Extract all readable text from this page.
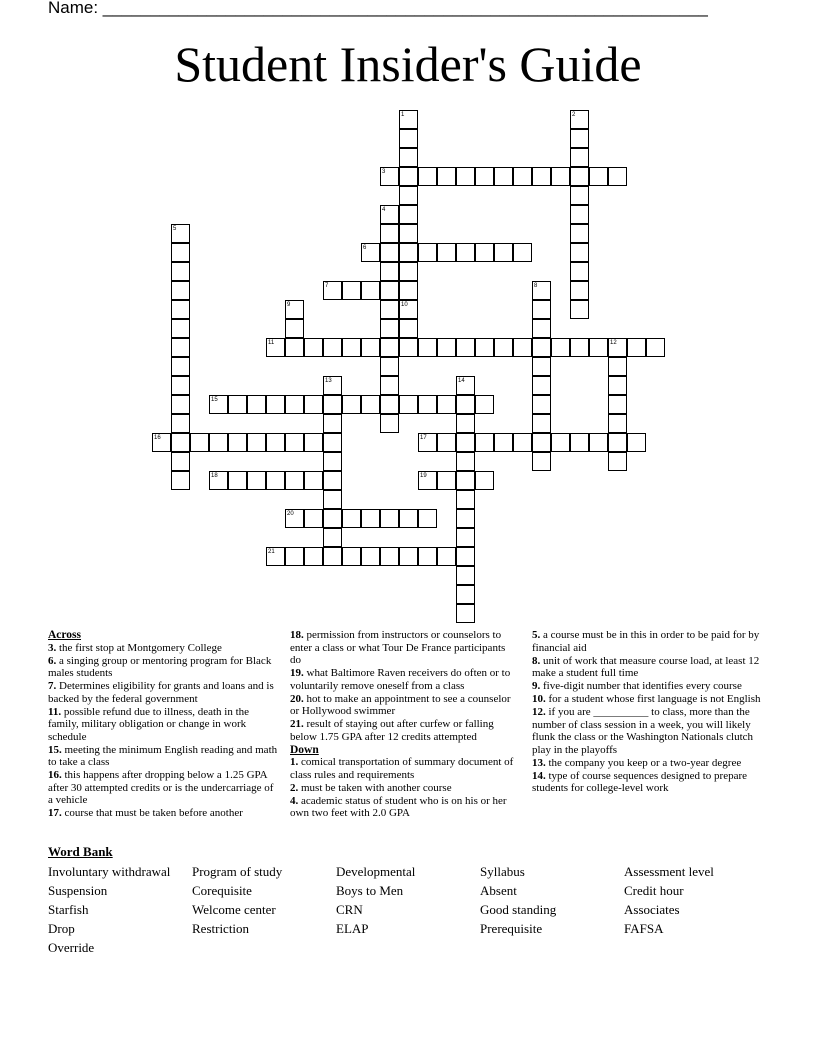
Name: ________________________________________________________________
Student Insider's Guide
1	2
3
4
5
6
7	8
9	10
11	12
13	14
15
16	17
18	19
20
21
Across

3. the first stop at Montgomery College

6. a singing group or mentoring program for Black males students

7. Determines eligibility for grants and loans and is backed by the federal government

11. possible refund due to illness, death in the family, military obligation or change in work schedule

15. meeting the minimum English reading and math to take a class

16. this happens after dropping below a 1.25 GPA after 30 attempted credits or is the undercarriage of a vehicle

17. course that must be taken before another

18. permission from instructors or counselors to enter a class or what Tour De France participants do

19. what Baltimore Raven receivers do often or to voluntarily remove oneself from a class

20. hot to make an appointment to see a counselor or Hollywood swimmer

21. result of staying out after curfew or falling below 1.75 GPA after 12 credits attempted

Down

1. comical transportation of summary document of class rules and requirements

2. must be taken with another course

4. academic status of student who is on his or her own two feet with 2.0 GPA

5. a course must be in this in order to be paid for by financial aid

8. unit of work that measure course load, at least 12 make a student full time

9. five-digit number that identifies every course

10. for a student whose first language is not English

12. if you are __________ to class, more than the number of class session in a week, you will likely flunk the class or the Washington Nationals clutch play in the playoffs

13. the company you keep or a two-year degree

14. type of course sequences designed to prepare students for college-level work

Word Bank
Involuntary withdrawal	Program of study	Developmental	Syllabus	Assessment level
Suspension	Corequisite	Boys to Men	Absent	Credit hour
Starfish	Welcome center	CRN	Good standing	Associates
Drop	Restriction	ELAP	Prerequisite	FAFSA
Override
